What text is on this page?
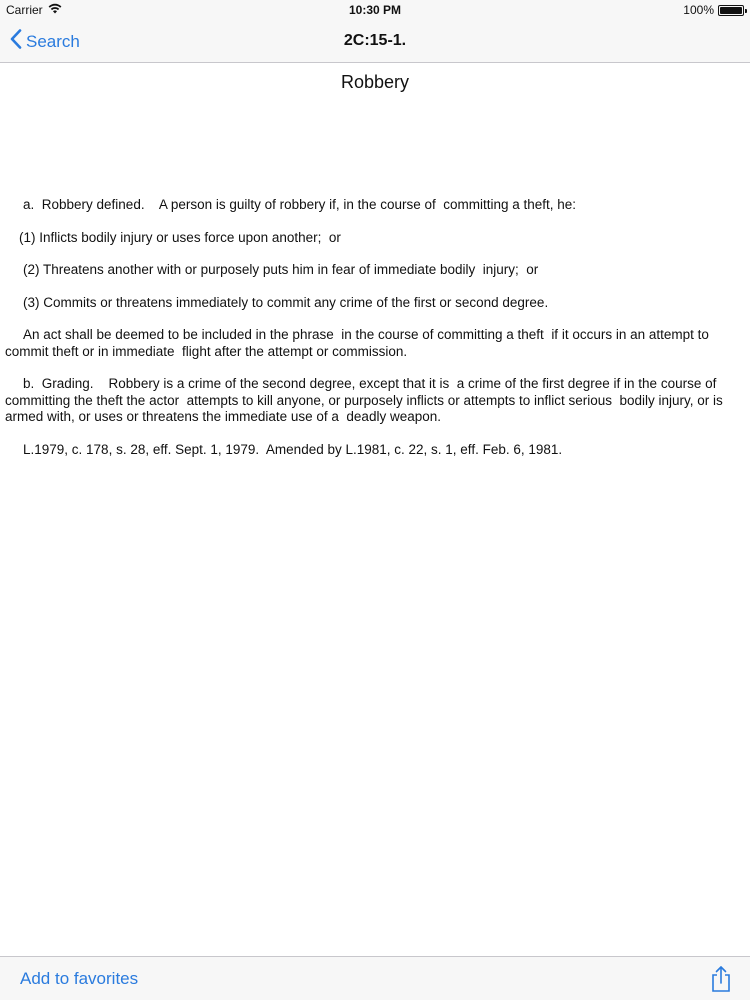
Carrier	10:30 PM	100%
Search	2C:15-1.
Robbery

a.  Robbery defined.    A person is guilty of robbery if, in the course of  committing a theft, he:

(1) Inflicts bodily injury or uses force upon another;  or

(2) Threatens another with or purposely puts him in fear of immediate bodily  injury;  or

(3) Commits or threatens immediately to commit any crime of the first or second degree.

An act shall be deemed to be included in the phrase  in the course of committing a theft  if it occurs in an attempt to commit theft or in immediate  flight after the attempt or commission.

b.  Grading.    Robbery is a crime of the second degree, except that it is  a crime of the first degree if in the course of committing the theft the actor  attempts to kill anyone, or purposely inflicts or attempts to inflict serious  bodily injury, or is armed with, or uses or threatens the immediate use of a  deadly weapon.

L.1979, c. 178, s. 28, eff. Sept. 1, 1979.  Amended by L.1981, c. 22, s. 1, eff. Feb. 6, 1981.

Add to favorites
